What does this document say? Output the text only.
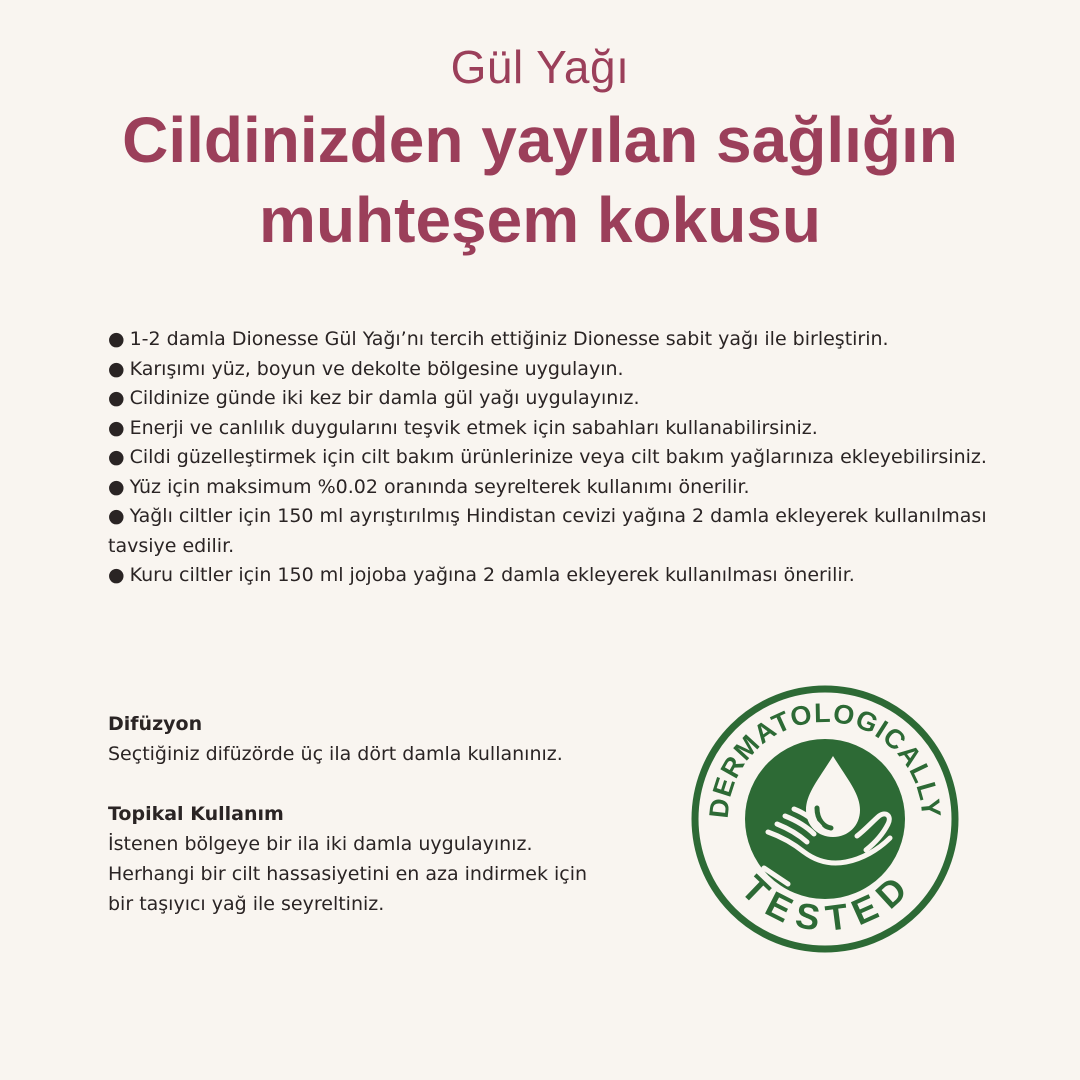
Gül Yağı
Cildinizden yayılan sağlığın
muhteşem kokusu
● 1-2 damla Dionesse Gül Yağı’nı tercih ettiğiniz Dionesse sabit yağı ile birleştirin.
● Karışımı yüz, boyun ve dekolte bölgesine uygulayın.
● Cildinize günde iki kez bir damla gül yağı uygulayınız.
● Enerji ve canlılık duygularını teşvik etmek için sabahları kullanabilirsiniz.
● Cildi güzelleştirmek için cilt bakım ürünlerinize veya cilt bakım yağlarınıza ekleyebilirsiniz.
● Yüz için maksimum %0.02 oranında seyrelterek kullanımı önerilir.
● Yağlı ciltler için 150 ml ayrıştırılmış Hindistan cevizi yağına 2 damla ekleyerek kullanılması tavsiye edilir.
● Kuru ciltler için 150 ml jojoba yağına 2 damla ekleyerek kullanılması önerilir.

Difüzyon

Seçtiğiniz difüzörde üç ila dört damla kullanınız.

Topikal Kullanım

İstenen bölgeye bir ila iki damla uygulayınız.

Herhangi bir cilt hassasiyetini en aza indirmek için

bir taşıyıcı yağ ile seyreltiniz.

DERMATOLOGICALLY
TESTED
